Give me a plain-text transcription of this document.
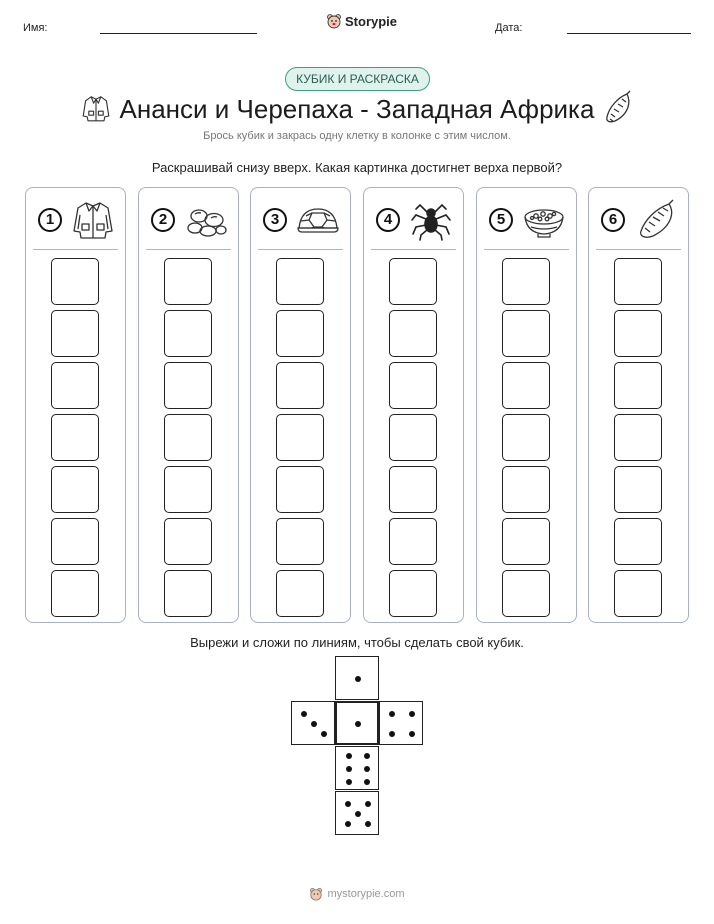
Имя:	Storypie	Дата:
КУБИК И РАСКРАСКА
Ананси и Черепаха - Западная Африка
Брось кубик и закрась одну клетку в колонке с этим числом.
Раскрашивай снизу вверх. Какая картинка достигнет верха первой?
1	2	3	4	5	6
Вырежи и сложи по линиям, чтобы сделать свой кубик.
mystorypie.com
